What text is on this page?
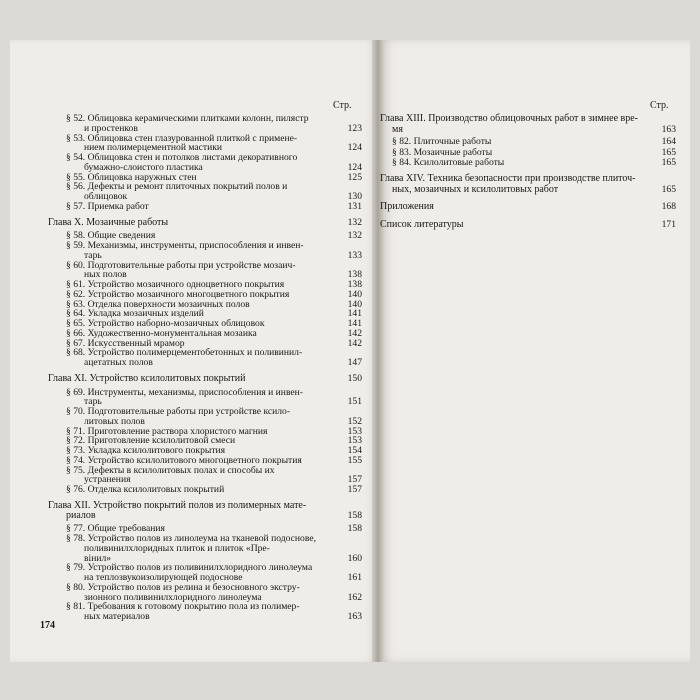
Стр.	Стр.
§ 52. Облицовка керамическими плитками колонн, пилястр
и простенков	123
§ 53. Облицовка стен глазурованной плиткой с примене-
нием полимерцементной мастики	124
§ 54. Облицовка стен и потолков листами декоративного
бумажно-слоистого пластика	124
§ 55. Облицовка наружных стен	125
§ 56. Дефекты и ремонт плиточных покрытий полов и
облицовок	130
§ 57. Приемка работ	131
Глава X. Мозаичные работы	132
§ 58. Общие сведения	132
§ 59. Механизмы, инструменты, приспособления и инвен-
тарь	133
§ 60. Подготовительные работы при устройстве мозаич-
ных полов	138
§ 61. Устройство мозаичного одноцветного покрытия	138
§ 62. Устройство мозаичного многоцветного покрытия	140
§ 63. Отделка поверхности мозаичных полов	140
§ 64. Укладка мозаичных изделий	141
§ 65. Устройство наборно-мозаичных облицовок	141
§ 66. Художественно-монументальная мозаика	142
§ 67. Искусственный мрамор	142
§ 68. Устройство полимерцементобетонных и поливинил-
ацетатных полов	147
Глава XI. Устройство ксилолитовых покрытий	150
§ 69. Инструменты, механизмы, приспособления и инвен-
тарь	151
§ 70. Подготовительные работы при устройстве ксило-
литовых полов	152
§ 71. Приготовление раствора хлористого магния	153
§ 72. Приготовление ксилолитовой смеси	153
§ 73. Укладка ксилолитового покрытия	154
§ 74. Устройство ксилолитового многоцветного покрытия	155
§ 75. Дефекты в ксилолитовых полах и способы их
устранения	157
§ 76. Отделка ксилолитовых покрытий	157
Глава XII. Устройство покрытий полов из полимерных мате-
риалов	158
§ 77. Общие требования	158
§ 78. Устройство полов из линолеума на тканевой подоснове,
поливинилхлоридных плиток и плиток «Пре-
вінил»	160
§ 79. Устройство полов из поливинилхлоридного линолеума
на теплозвукоизолирующей подоснове	161
§ 80. Устройство полов из релина и безосновного экстру-
зионного поливинилхлоридного линолеума	162
§ 81. Требования к готовому покрытию пола из полимер-
ных материалов	163
Глава XIII. Производство облицовочных работ в зимнее вре-
мя	163
§ 82. Плиточные работы	164
§ 83. Мозаичные работы	165
§ 84. Ксилолитовые работы	165
Глава XIV. Техника безопасности при производстве плиточ-
ных, мозаичных и ксилолитовых работ	165
Приложения	168
Список литературы	171
174
